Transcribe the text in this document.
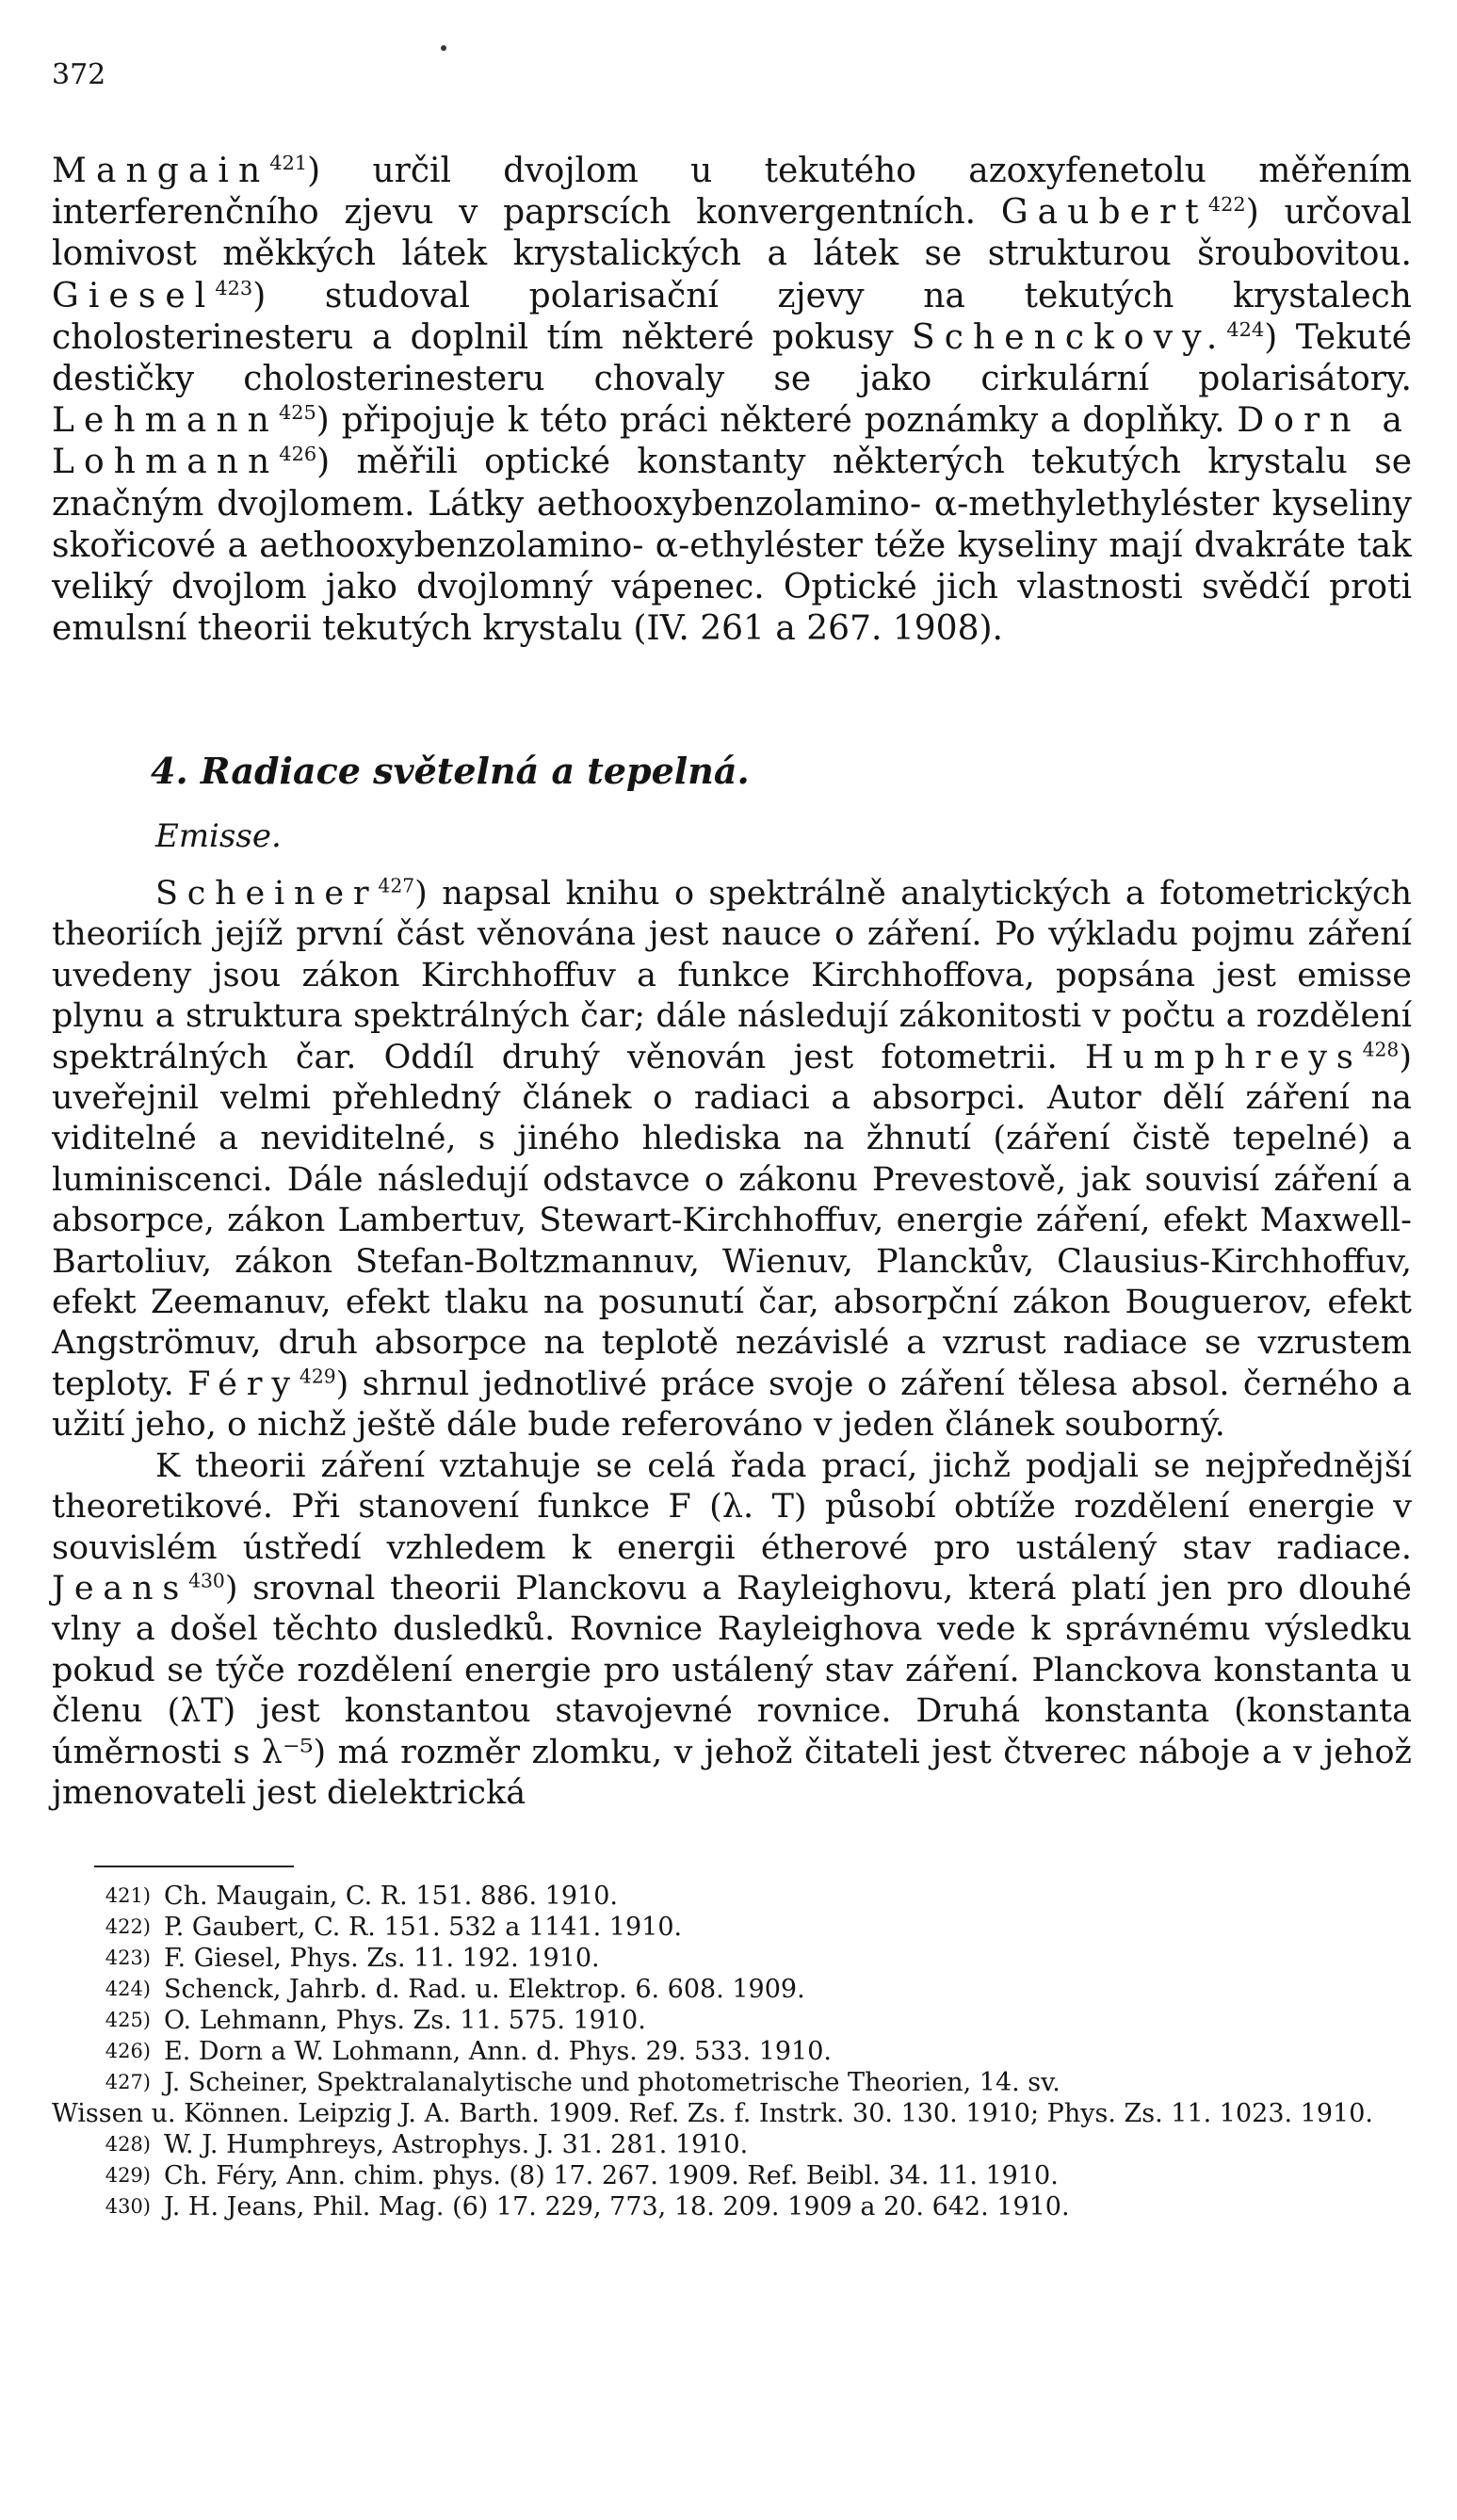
372

Mangain$^{421}$) určil dvojlom u tekutého azoxyfenetolu měřením interferenčního zjevu v paprscích konvergentních. Gaubert$^{422}$) určoval lomivost měkkých látek krystalických a látek se strukturou šroubovitou. Giesel$^{423}$) studoval polarisační zjevy na tekutých krystalech cholosterinesteru a doplnil tím některé pokusy Schenckovy.$^{424}$) Tekuté destičky cholosterinesteru chovaly se jako cirkulární polarisátory. Lehmann$^{425}$) připojuje k této práci některé poznámky a doplňky. Dorn a Lohmann$^{426}$) měřili optické konstanty některých tekutých krystalu se značným dvojlomem. Látky aethooxybenzolamino- α-methylethyléster kyseliny skořicové a aethooxybenzolamino- α-ethyléster téže kyseliny mají dvakráte tak veliký dvojlom jako dvojlomný vápenec. Optické jich vlastnosti svědčí proti emulsní theorii tekutých krystalu (IV. 261 a 267. 1908).

4. Radiace světelná a tepelná.
Emisse.

Scheiner$^{427}$) napsal knihu o spektrálně analytických a fotometrických theoriích jejíž první část věnována jest nauce o záření. Po výkladu pojmu záření uvedeny jsou zákon Kirchhoffuv a funkce Kirchhoffova, popsána jest emisse plynu a struktura spektrálných čar; dále následují zákonitosti v počtu a rozdělení spektrálných čar. Oddíl druhý věnován jest fotometrii. Humphreys$^{428}$) uveřejnil velmi přehledný článek o radiaci a absorpci. Autor dělí záření na viditelné a neviditelné, s jiného hlediska na žhnutí (záření čistě tepelné) a luminiscenci. Dále následují odstavce o zákonu Prevestově, jak souvisí záření a absorpce, zákon Lambertuv, Stewart-Kirchhoffuv, energie záření, efekt Maxwell-Bartoliuv, zákon Stefan-Boltzmannuv, Wienuv, Planckův, Clausius-Kirchhoffuv, efekt Zeemanuv, efekt tlaku na posunutí čar, absorpční zákon Bouguerov, efekt Angströmuv, druh absorpce na teplotě nezávislé a vzrust radiace se vzrustem teploty. Féry$^{429}$) shrnul jednotlivé práce svoje o záření tělesa absol. černého a užití jeho, o nichž ještě dále bude referováno v jeden článek souborný.

K theorii záření vztahuje se celá řada prací, jichž podjali se nejpřednější theoretikové. Při stanovení funkce F (λ. T) působí obtíže rozdělení energie v souvislém ústředí vzhledem k energii étherové pro ustálený stav radiace. Jeans$^{430}$) srovnal theorii Planckovu a Rayleighovu, která platí jen pro dlouhé vlny a došel těchto dusledků. Rovnice Rayleighova vede k správnému výsledku pokud se týče rozdělení energie pro ustálený stav záření. Planckova konstanta u členu (λT) jest konstantou stavojevné rovnice. Druhá konstanta (konstanta úměrnosti s λ⁻⁵) má rozměr zlomku, v jehož čitateli jest čtverec náboje a v jehož jmenovateli jest dielektrická

421) Ch. Maugain, C. R. 151. 886. 1910.
422) P. Gaubert, C. R. 151. 532 a 1141. 1910.
423) F. Giesel, Phys. Zs. 11. 192. 1910.
424) Schenck, Jahrb. d. Rad. u. Elektrop. 6. 608. 1909.
425) O. Lehmann, Phys. Zs. 11. 575. 1910.
426) E. Dorn a W. Lohmann, Ann. d. Phys. 29. 533. 1910.
427) J. Scheiner, Spektralanalytische und photometrische Theorien, 14. sv.
Wissen u. Können. Leipzig J. A. Barth. 1909. Ref. Zs. f. Instrk. 30. 130. 1910; Phys. Zs. 11. 1023. 1910.
428) W. J. Humphreys, Astrophys. J. 31. 281. 1910.
429) Ch. Féry, Ann. chim. phys. (8) 17. 267. 1909. Ref. Beibl. 34. 11. 1910.
430) J. H. Jeans, Phil. Mag. (6) 17. 229, 773, 18. 209. 1909 a 20. 642. 1910.
